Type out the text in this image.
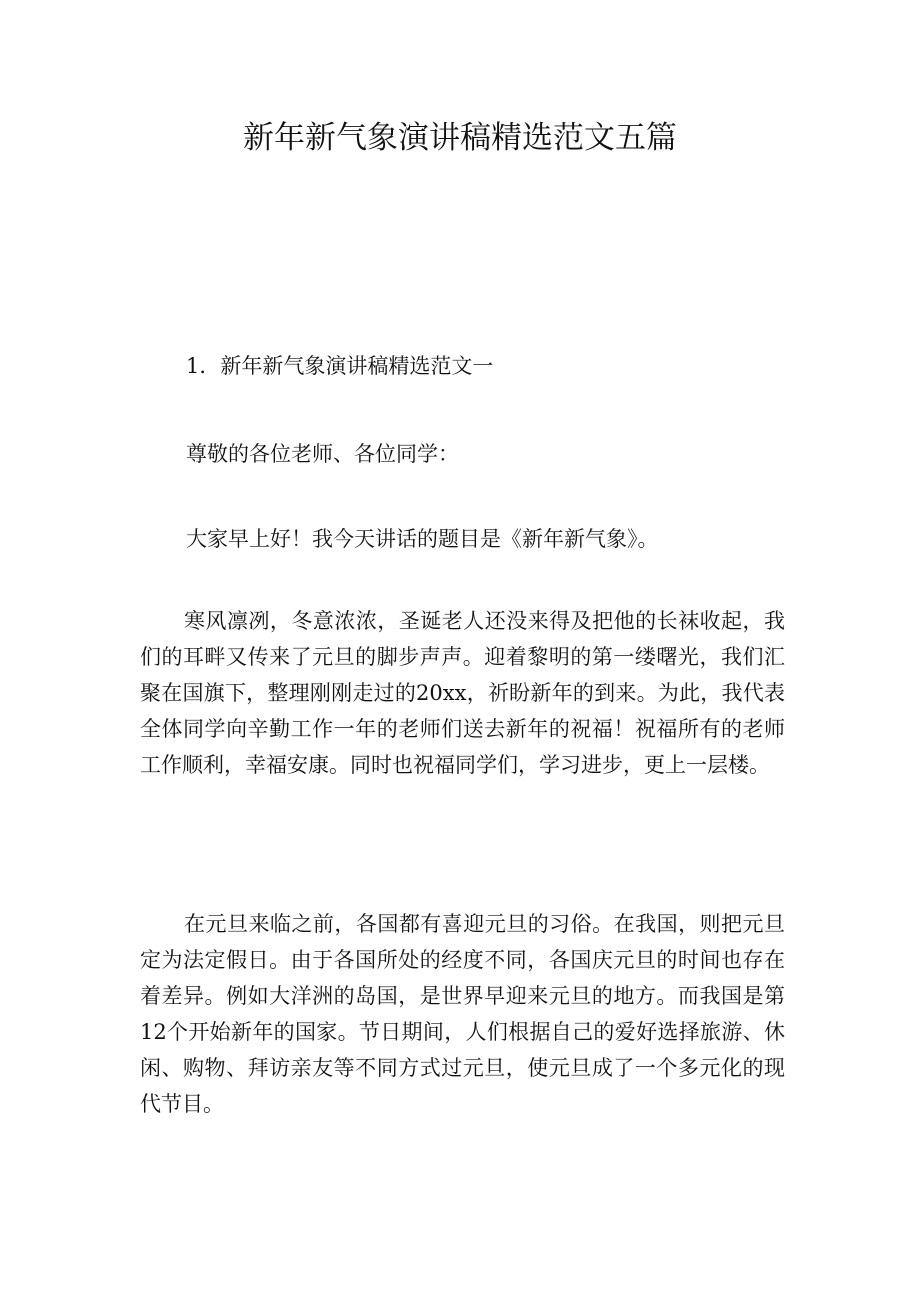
新年新气象演讲稿精选范文五篇

1．新年新气象演讲稿精选范文一

尊敬的各位老师、各位同学：

大家早上好！我今天讲话的题目是《新年新气象》。

寒风凛冽，冬意浓浓，圣诞老人还没来得及把他的长袜收起，我们的耳畔又传来了元旦的脚步声声。迎着黎明的第一缕曙光，我们汇聚在国旗下，整理刚刚走过的20xx，祈盼新年的到来。为此，我代表全体同学向辛勤工作一年的老师们送去新年的祝福！祝福所有的老师工作顺利，幸福安康。同时也祝福同学们，学习进步，更上一层楼。

在元旦来临之前，各国都有喜迎元旦的习俗。在我国，则把元旦定为法定假日。由于各国所处的经度不同，各国庆元旦的时间也存在着差异。例如大洋洲的岛国，是世界早迎来元旦的地方。而我国是第12个开始新年的国家。节日期间，人们根据自己的爱好选择旅游、休闲、购物、拜访亲友等不同方式过元旦，使元旦成了一个多元化的现代节目。
